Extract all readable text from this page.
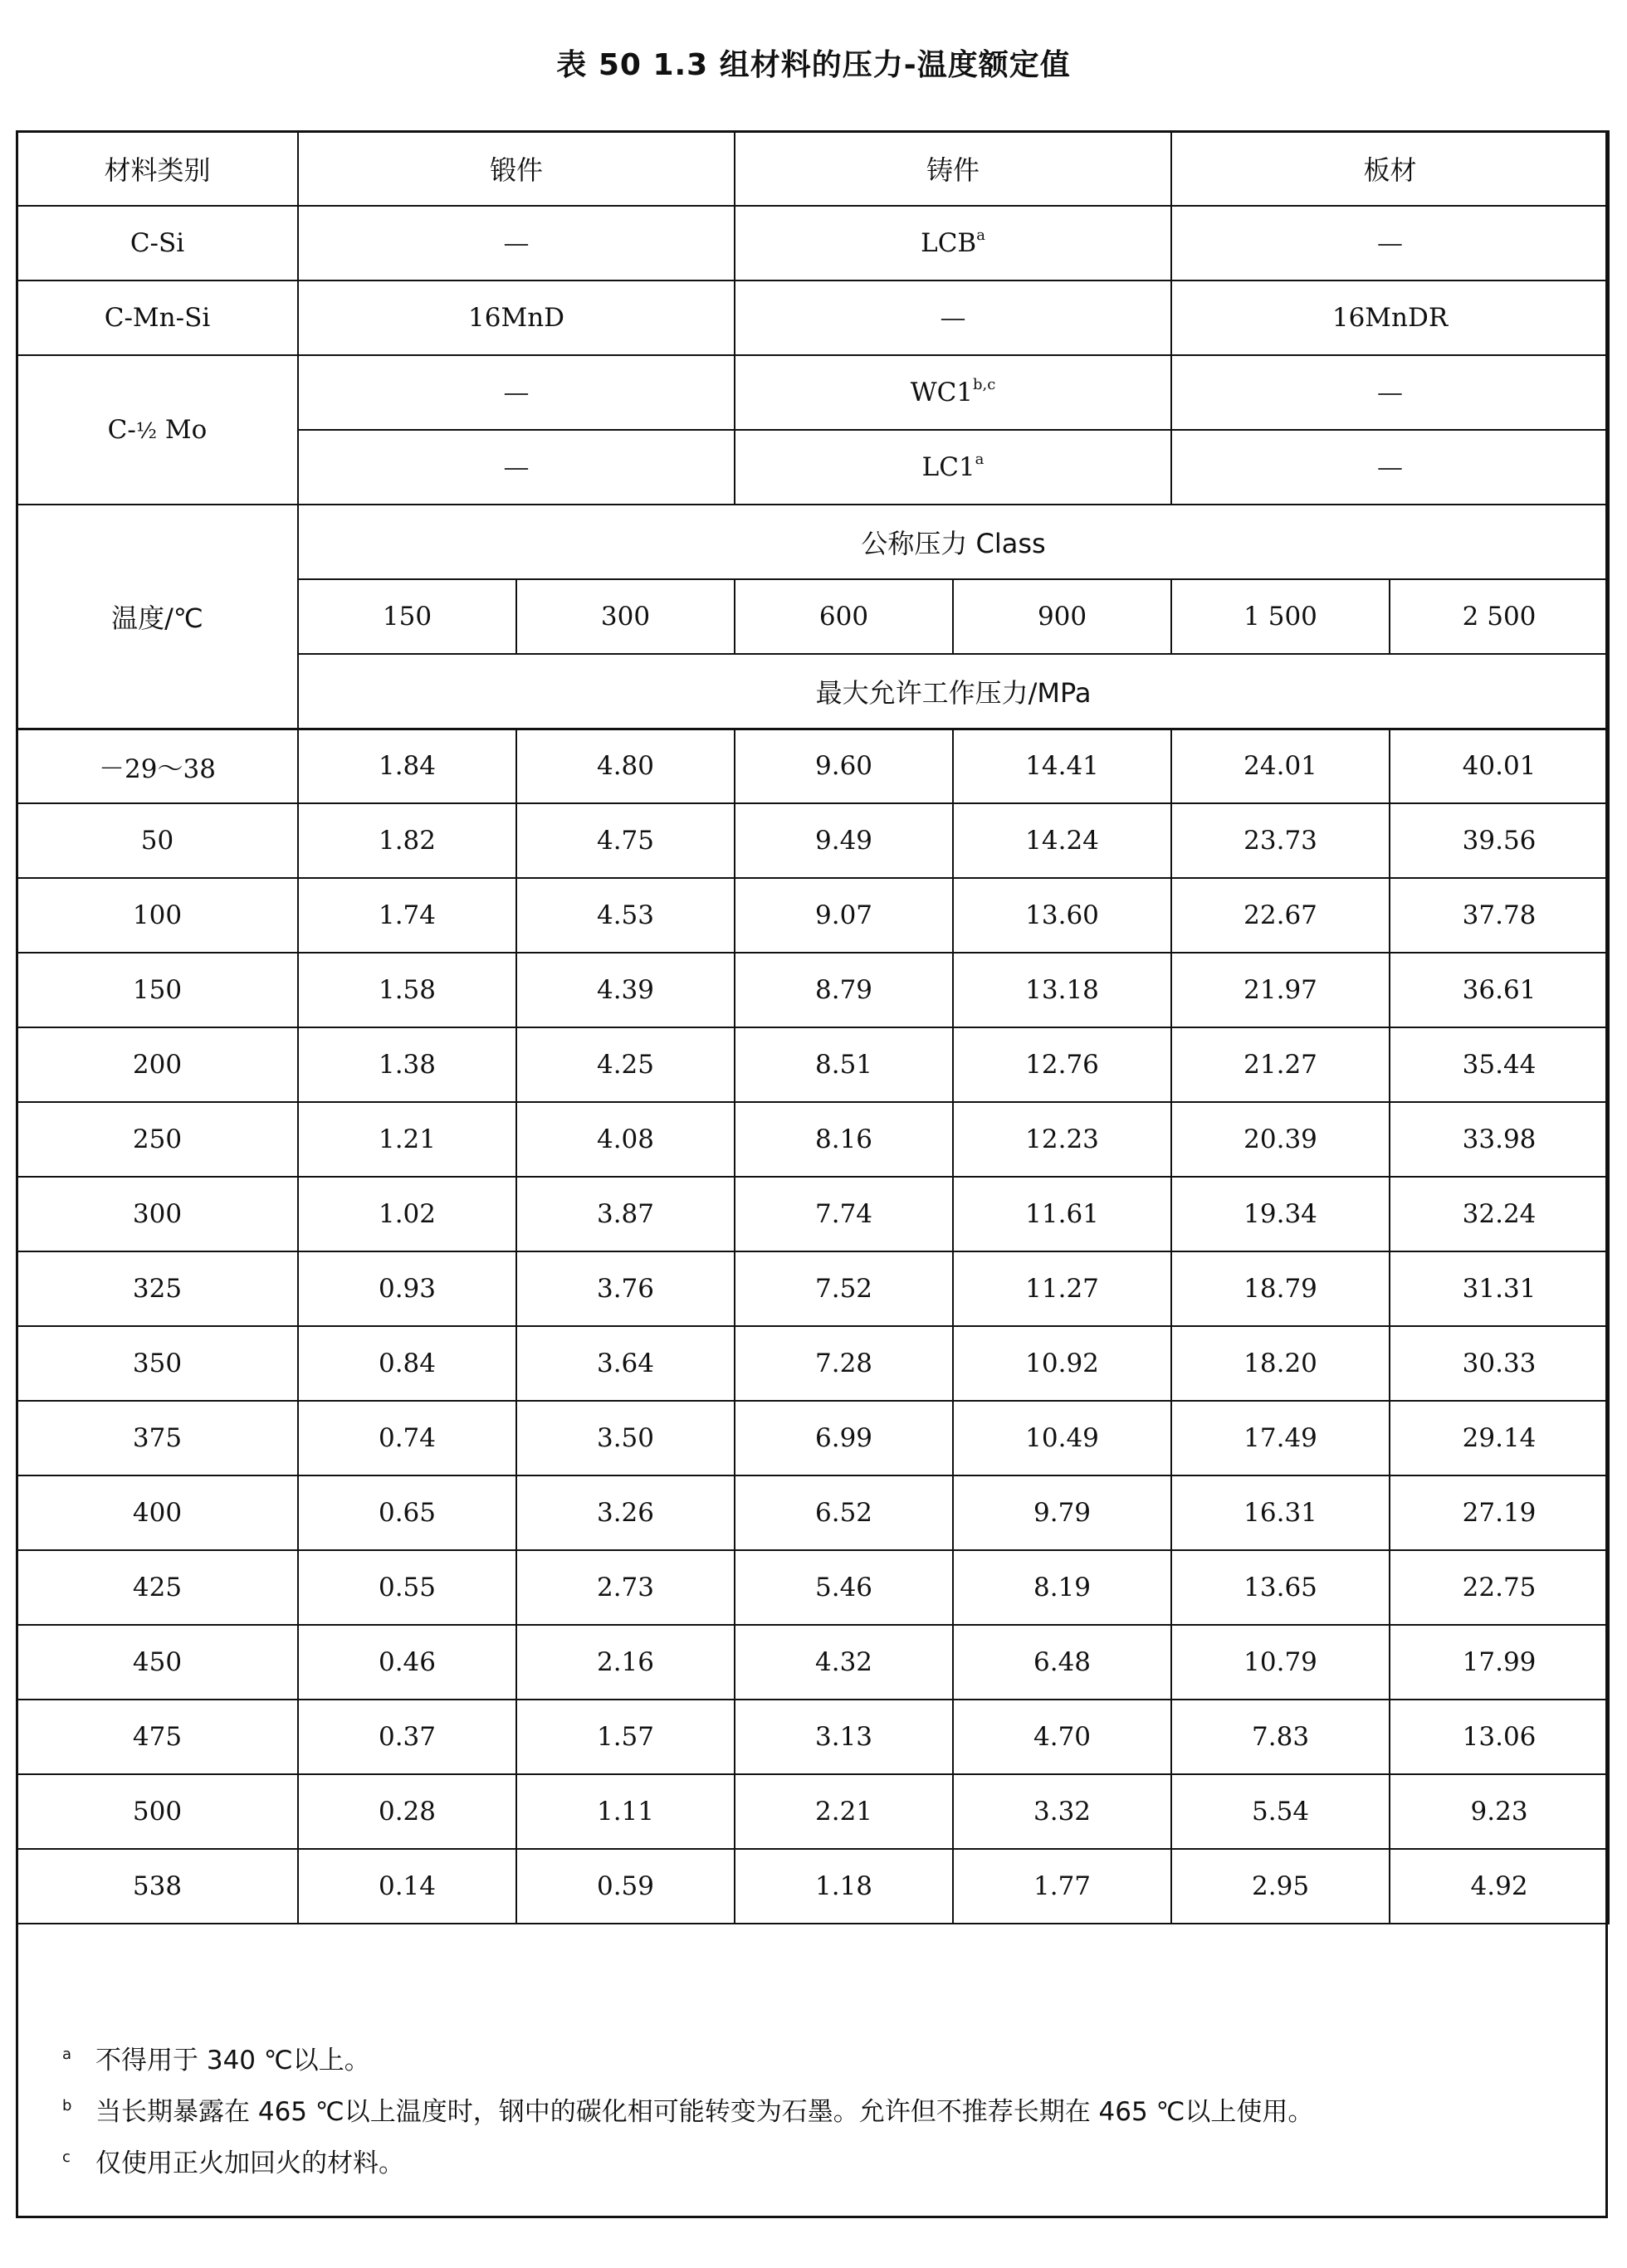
表 50 1.3 组材料的压力-温度额定值
材料类别	锻件		铸件		板材	
C-Si	—		LCB$^a$		—	
C-Mn-Si	16MnD		—		16MnDR	
C-½ Mo	—		WC1$^{b,c}$		—	
	—		LC1$^a$		—	
温度/℃	公称压力 Class					
	150	300	600	900	1 500	2 500
	最大允许工作压力/MPa					
－29～38	1.84	4.80	9.60	14.41	24.01	40.01
50	1.82	4.75	9.49	14.24	23.73	39.56
100	1.74	4.53	9.07	13.60	22.67	37.78
150	1.58	4.39	8.79	13.18	21.97	36.61
200	1.38	4.25	8.51	12.76	21.27	35.44
250	1.21	4.08	8.16	12.23	20.39	33.98
300	1.02	3.87	7.74	11.61	19.34	32.24
325	0.93	3.76	7.52	11.27	18.79	31.31
350	0.84	3.64	7.28	10.92	18.20	30.33
375	0.74	3.50	6.99	10.49	17.49	29.14
400	0.65	3.26	6.52	9.79	16.31	27.19
425	0.55	2.73	5.46	8.19	13.65	22.75
450	0.46	2.16	4.32	6.48	10.79	17.99
475	0.37	1.57	3.13	4.70	7.83	13.06
500	0.28	1.11	2.21	3.32	5.54	9.23
538	0.14	0.59	1.18	1.77	2.95	4.92
a 不得用于 340 ℃以上。
b 当长期暴露在 465 ℃以上温度时，钢中的碳化相可能转变为石墨。允许但不推荐长期在 465 ℃以上使用。
c 仅使用正火加回火的材料。
